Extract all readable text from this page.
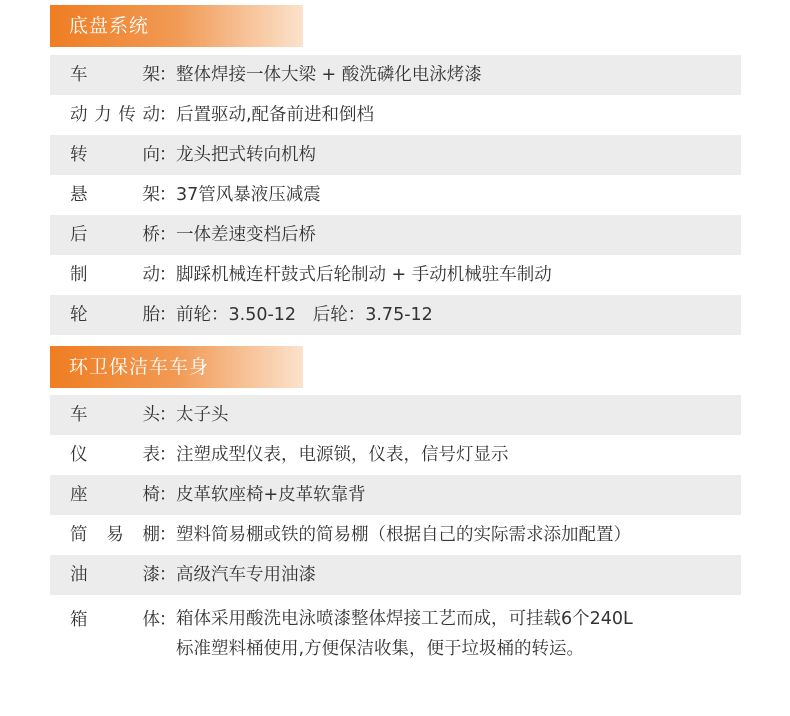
底盘系统
车	架 ： 整体焊接一体大梁 + 酸洗磷化电泳烤漆
动 力 传 动 ： 后置驱动,配备前进和倒档
转	向 ： 龙头把式转向机构
悬	架 ： 37管风暴液压减震
后	桥 ： 一体差速变档后桥
制	动 ： 脚踩机械连杆鼓式后轮制动 + 手动机械驻车制动
轮	胎 ： 前轮：3.50-12   后轮：3.75-12
环卫保洁车车身
车	头 ： 太子头
仪	表 ： 注塑成型仪表，电源锁，仪表，信号灯显示
座	椅 ： 皮革软座椅+皮革软靠背
简 易 棚 ： 塑料简易棚或铁的简易棚（根据自己的实际需求添加配置）
油	漆 ： 高级汽车专用油漆
箱	体 ： 箱体采用酸洗电泳喷漆整体焊接工艺而成，可挂载6个240L
标准塑料桶使用,方便保洁收集，便于垃圾桶的转运。
